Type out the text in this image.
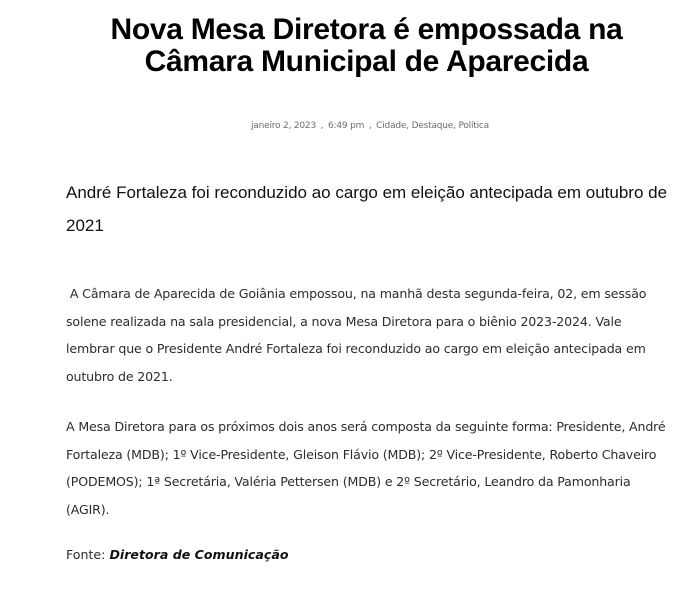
Nova Mesa Diretora é empossada na
Câmara Municipal de Aparecida
janeiro 2, 2023 , 6:49 pm , Cidade, Destaque, Política
André Fortaleza foi reconduzido ao cargo em eleição antecipada em outubro de 2021

A Câmara de Aparecida de Goiânia empossou, na manhã desta segunda-feira, 02, em sessão solene realizada na sala presidencial, a nova Mesa Diretora para o biênio 2023-2024. Vale lembrar que o Presidente André Fortaleza foi reconduzido ao cargo em eleição antecipada em outubro de 2021.

A Mesa Diretora para os próximos dois anos será composta da seguinte forma: Presidente, André Fortaleza (MDB); 1º Vice-Presidente, Gleison Flávio (MDB); 2º Vice-Presidente, Roberto Chaveiro (PODEMOS); 1ª Secretária, Valéria Pettersen (MDB) e 2º Secretário, Leandro da Pamonharia (AGIR).

Fonte: Diretora de Comunicação
